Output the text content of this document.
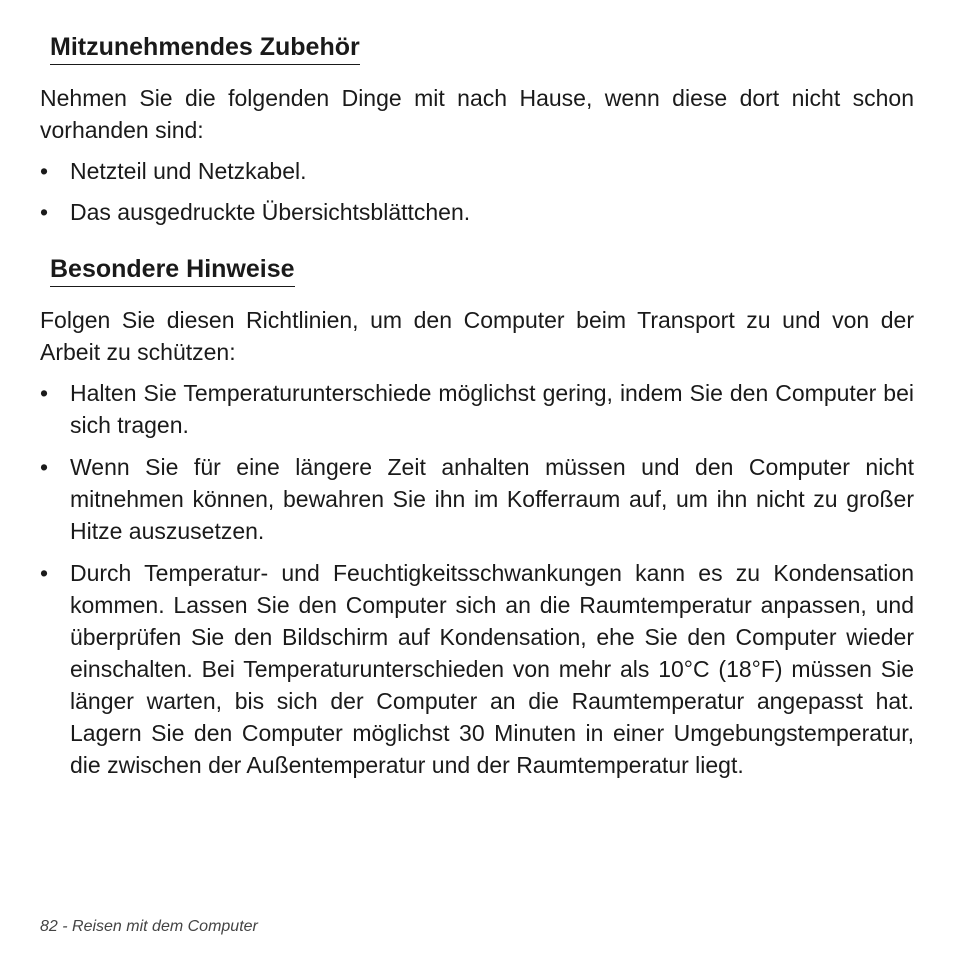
Mitzunehmendes Zubehör

Nehmen Sie die folgenden Dinge mit nach Hause, wenn diese dort nicht schon vorhanden sind:

• Netzteil und Netzkabel.
• Das ausgedruckte Übersichtsblättchen.
Besondere Hinweise

Folgen Sie diesen Richtlinien, um den Computer beim Transport zu und von der Arbeit zu schützen:

• Halten Sie Temperaturunterschiede möglichst gering, indem Sie den Computer bei sich tragen.
• Wenn Sie für eine längere Zeit anhalten müssen und den Computer nicht mitnehmen können, bewahren Sie ihn im Kofferraum auf, um ihn nicht zu großer Hitze auszusetzen.
• Durch Temperatur- und Feuchtigkeitsschwankungen kann es zu Kondensation kommen. Lassen Sie den Computer sich an die Raumtemperatur anpassen, und überprüfen Sie den Bildschirm auf Kondensation, ehe Sie den Computer wieder einschalten. Bei Temperaturunterschieden von mehr als 10°C (18°F) müssen Sie länger warten, bis sich der Computer an die Raumtemperatur angepasst hat. Lagern Sie den Computer möglichst 30 Minuten in einer Umgebungstemperatur, die zwischen der Außentemperatur und der Raumtemperatur liegt.
82 - Reisen mit dem Computer
